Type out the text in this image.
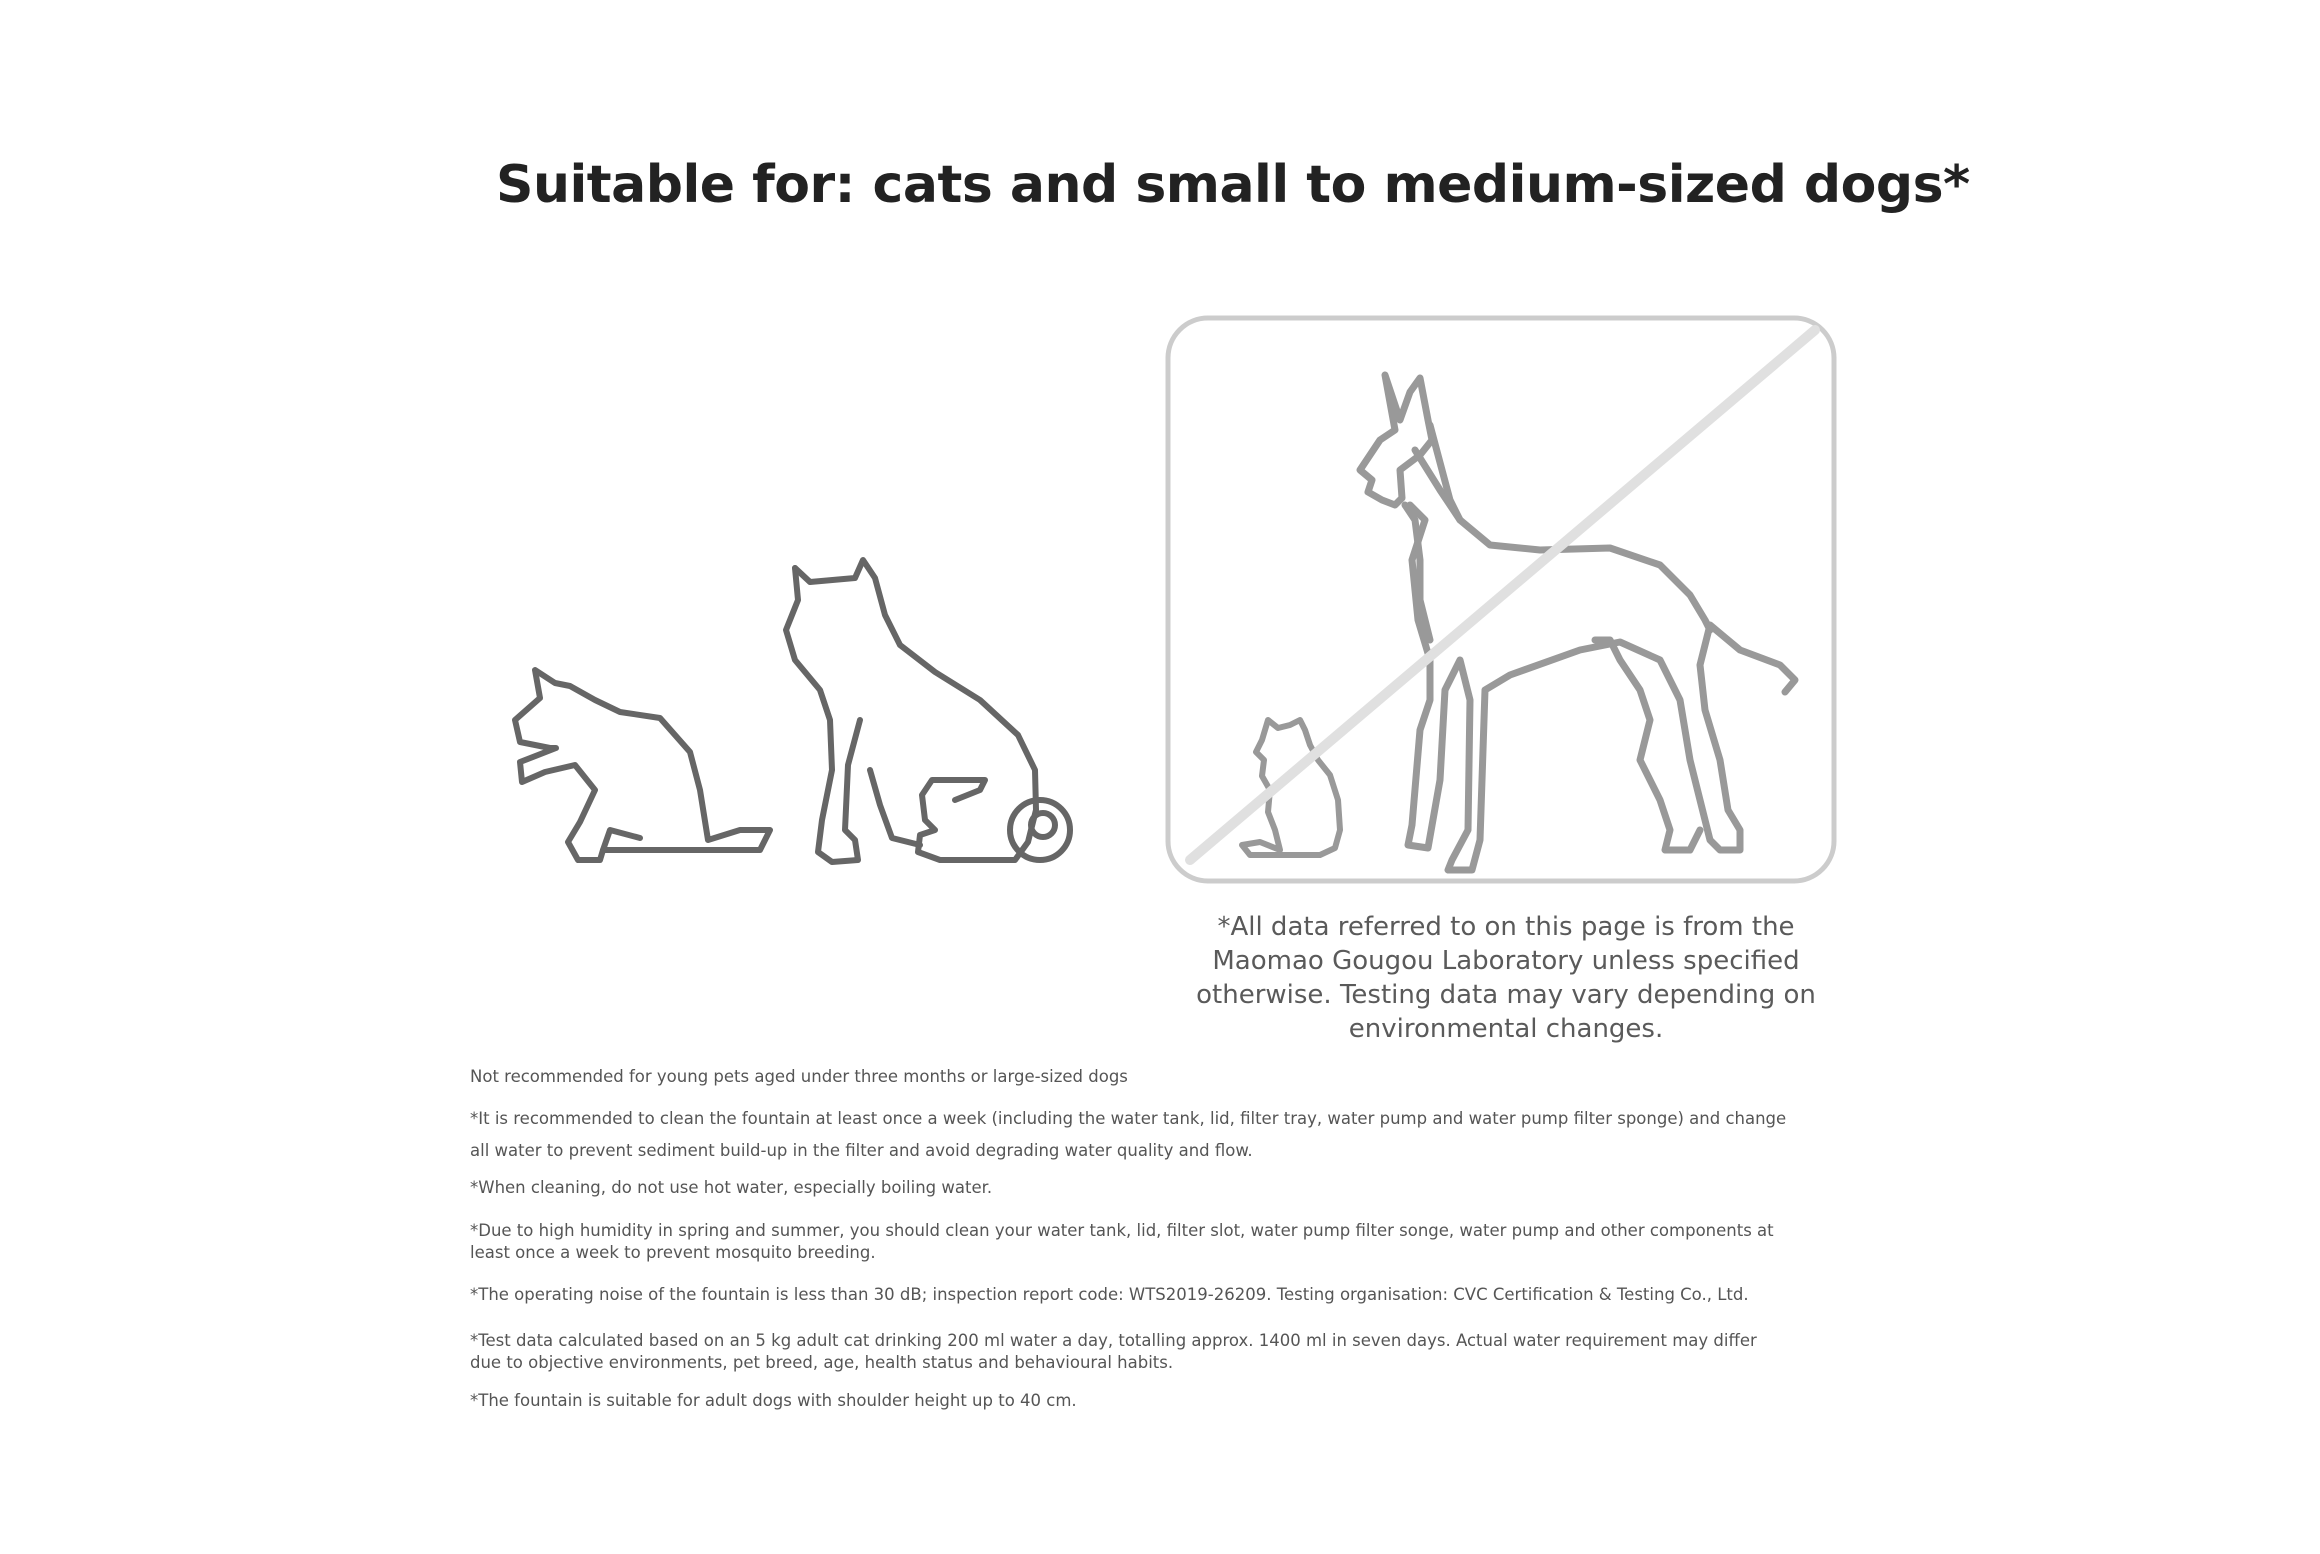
Suitable for: cats and small to medium-sized dogs*
*All data referred to on this page is from the Maomao Gougou Laboratory unless specified otherwise. Testing data may vary depending on environmental changes.

Not recommended for young pets aged under three months or large-sized dogs

*It is recommended to clean the fountain at least once a week (including the water tank, lid, filter tray, water pump and water pump filter sponge) and change all water to prevent sediment build-up in the filter and avoid degrading water quality and flow.

*When cleaning, do not use hot water, especially boiling water.

*Due to high humidity in spring and summer, you should clean your water tank, lid, filter slot, water pump filter songe, water pump and other components at least once a week to prevent mosquito breeding.

*The operating noise of the fountain is less than 30 dB; inspection report code: WTS2019-26209. Testing organisation: CVC Certification & Testing Co., Ltd.

*Test data calculated based on an 5 kg adult cat drinking 200 ml water a day, totalling approx. 1400 ml in seven days. Actual water requirement may differ due to objective environments, pet breed, age, health status and behavioural habits.

*The fountain is suitable for adult dogs with shoulder height up to 40 cm.
